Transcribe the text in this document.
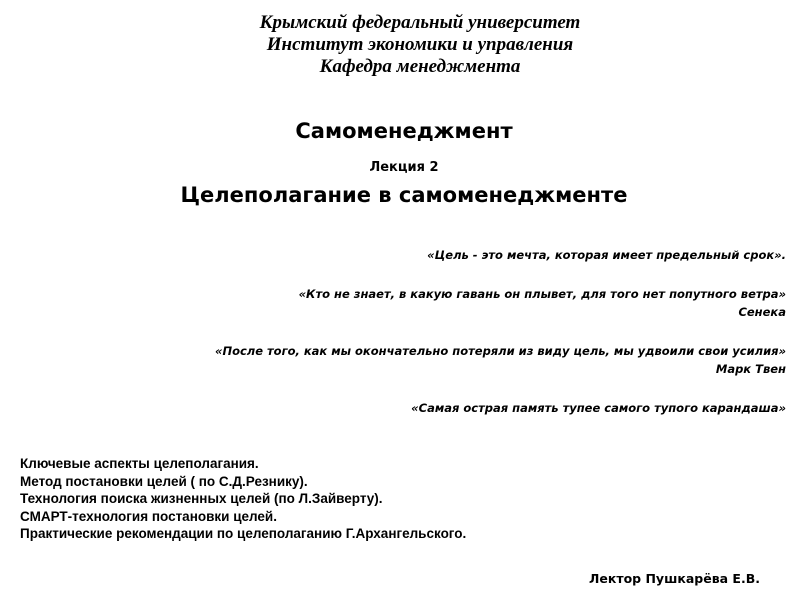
Крымский федеральный университет
Институт экономики и управления
Кафедра менеджмента
Самоменеджмент
Лекция 2
Целеполагание в самоменеджменте
«Цель - это мечта, которая имеет предельный срок».
«Кто не знает, в какую гавань он плывет, для того нет попутного ветра»
Сенека
«После того, как мы окончательно потеряли из виду цель, мы удвоили свои усилия»
Марк Твен
«Самая острая память тупее самого тупого карандаша»
Ключевые аспекты целеполагания.
Метод постановки целей ( по С.Д.Резнику).
Технология поиска жизненных целей (по Л.Зайверту).
СМАРТ-технология постановки целей.
Практические рекомендации по целеполаганию Г.Архангельского.
Лектор Пушкарёва Е.В.
